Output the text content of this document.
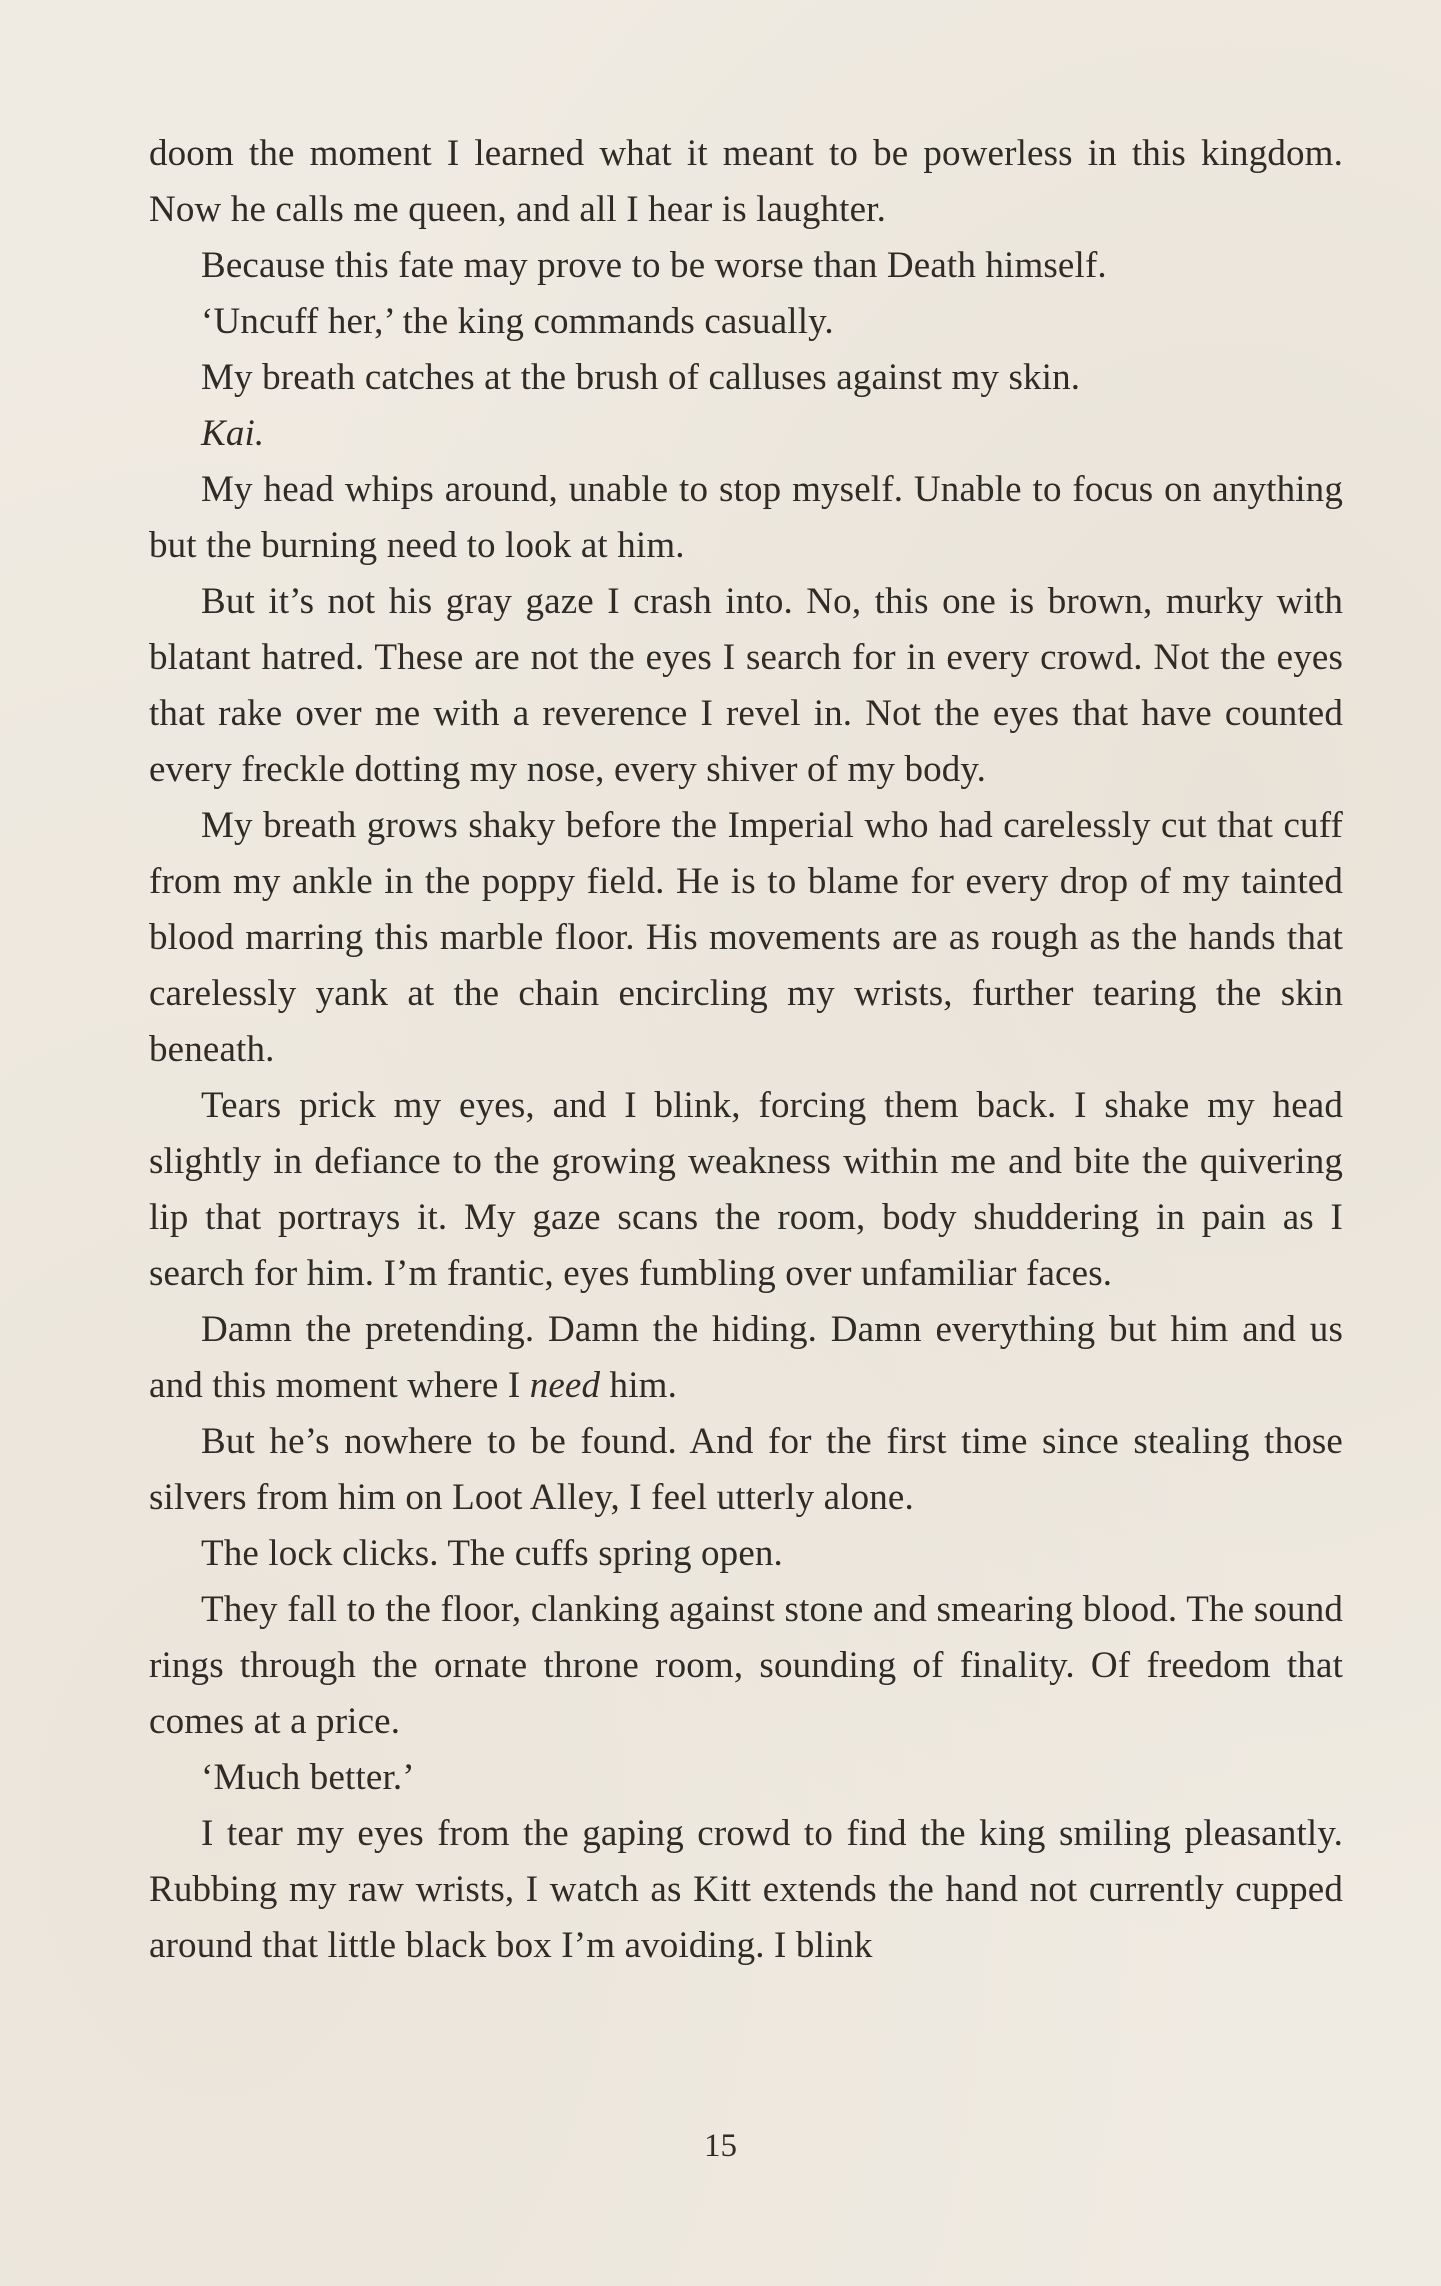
doom the moment I learned what it meant to be powerless in this kingdom. Now he calls me queen, and all I hear is laughter.

Because this fate may prove to be worse than Death himself.

‘Uncuff her,’ the king commands casually.

My breath catches at the brush of calluses against my skin.

Kai.

My head whips around, unable to stop myself. Unable to focus on anything but the burning need to look at him.

But it’s not his gray gaze I crash into. No, this one is brown, murky with blatant hatred. These are not the eyes I search for in every crowd. Not the eyes that rake over me with a reverence I revel in. Not the eyes that have counted every freckle dotting my nose, every shiver of my body.

My breath grows shaky before the Imperial who had carelessly cut that cuff from my ankle in the poppy field. He is to blame for every drop of my tainted blood marring this marble floor. His movements are as rough as the hands that carelessly yank at the chain encircling my wrists, further tearing the skin beneath.

Tears prick my eyes, and I blink, forcing them back. I shake my head slightly in defiance to the growing weakness within me and bite the quivering lip that portrays it. My gaze scans the room, body shuddering in pain as I search for him. I’m frantic, eyes fumbling over unfamiliar faces.

Damn the pretending. Damn the hiding. Damn everything but him and us and this moment where I need him.

But he’s nowhere to be found. And for the first time since stealing those silvers from him on Loot Alley, I feel utterly alone.

The lock clicks. The cuffs spring open.

They fall to the floor, clanking against stone and smearing blood. The sound rings through the ornate throne room, sounding of finality. Of freedom that comes at a price.

‘Much better.’

I tear my eyes from the gaping crowd to find the king smiling pleasantly. Rubbing my raw wrists, I watch as Kitt extends the hand not currently cupped around that little black box I’m avoiding. I blink

15
